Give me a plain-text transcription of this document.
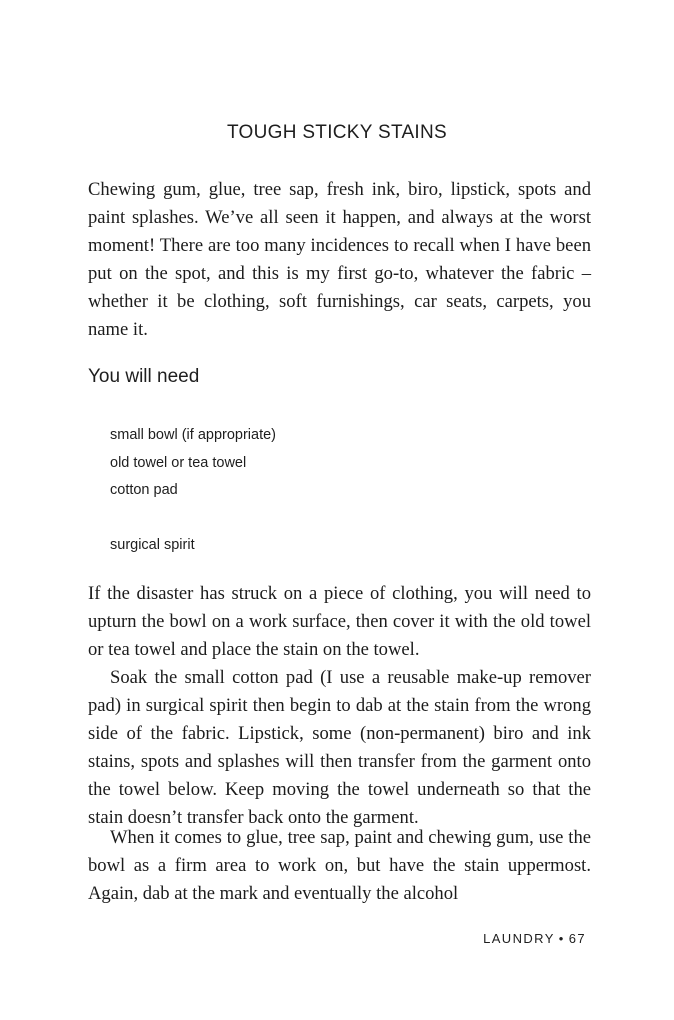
TOUGH STICKY STAINS

Chewing gum, glue, tree sap, fresh ink, biro, lipstick, spots and paint splashes. We’ve all seen it happen, and always at the worst moment! There are too many incidences to recall when I have been put on the spot, and this is my first go-to, whatever the fabric – whether it be clothing, soft furnishings, car seats, carpets, you name it.

You will need
small bowl (if appropriate)
old towel or tea towel
cotton pad
surgical spirit

If the disaster has struck on a piece of clothing, you will need to upturn the bowl on a work surface, then cover it with the old towel or tea towel and place the stain on the towel.

Soak the small cotton pad (I use a reusable make-up remover pad) in surgical spirit then begin to dab at the stain from the wrong side of the fabric. Lipstick, some (non-permanent) biro and ink stains, spots and splashes will then transfer from the garment onto the towel below. Keep moving the towel underneath so that the stain doesn’t transfer back onto the garment.

When it comes to glue, tree sap, paint and chewing gum, use the bowl as a firm area to work on, but have the stain uppermost. Again, dab at the mark and eventually the alcohol

LAUNDRY • 67
